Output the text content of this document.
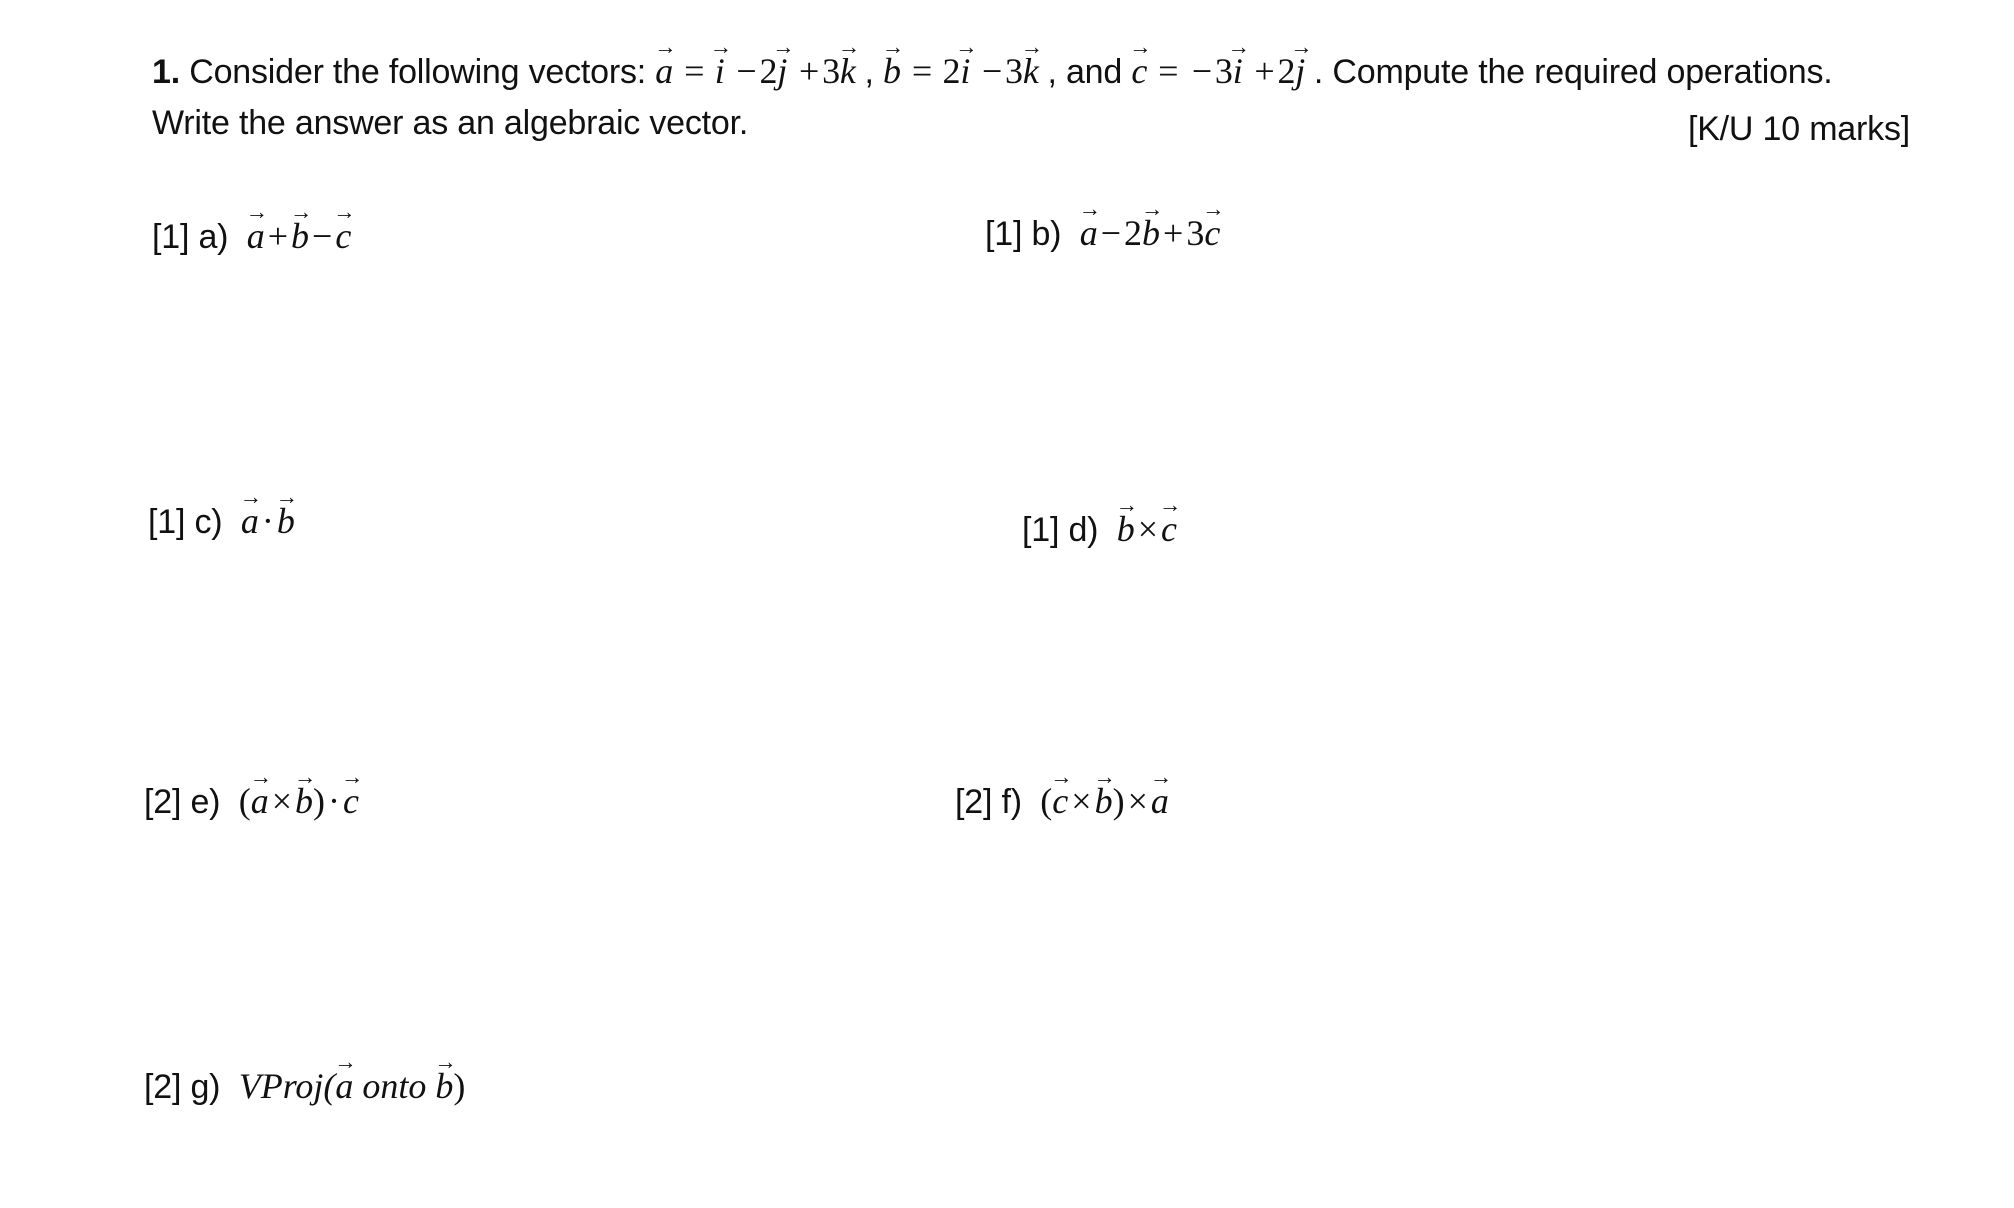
1. Consider the following vectors: a → = i → −2j → +3k → , b → = 2i → −3k → , and c → = −3i → +2j → . Compute the required operations.
Write the answer as an algebraic vector.	[K/U 10 marks]
[1] a) a →+b →−c →	[1] b) a →−2b →+3c →
[1] c) a →·b →	[1] d) b →×c →
[2] e) (a →×b →)·c →	[2] f) (c →×b →)×a →
[2] g) VProj(a → onto b →)
